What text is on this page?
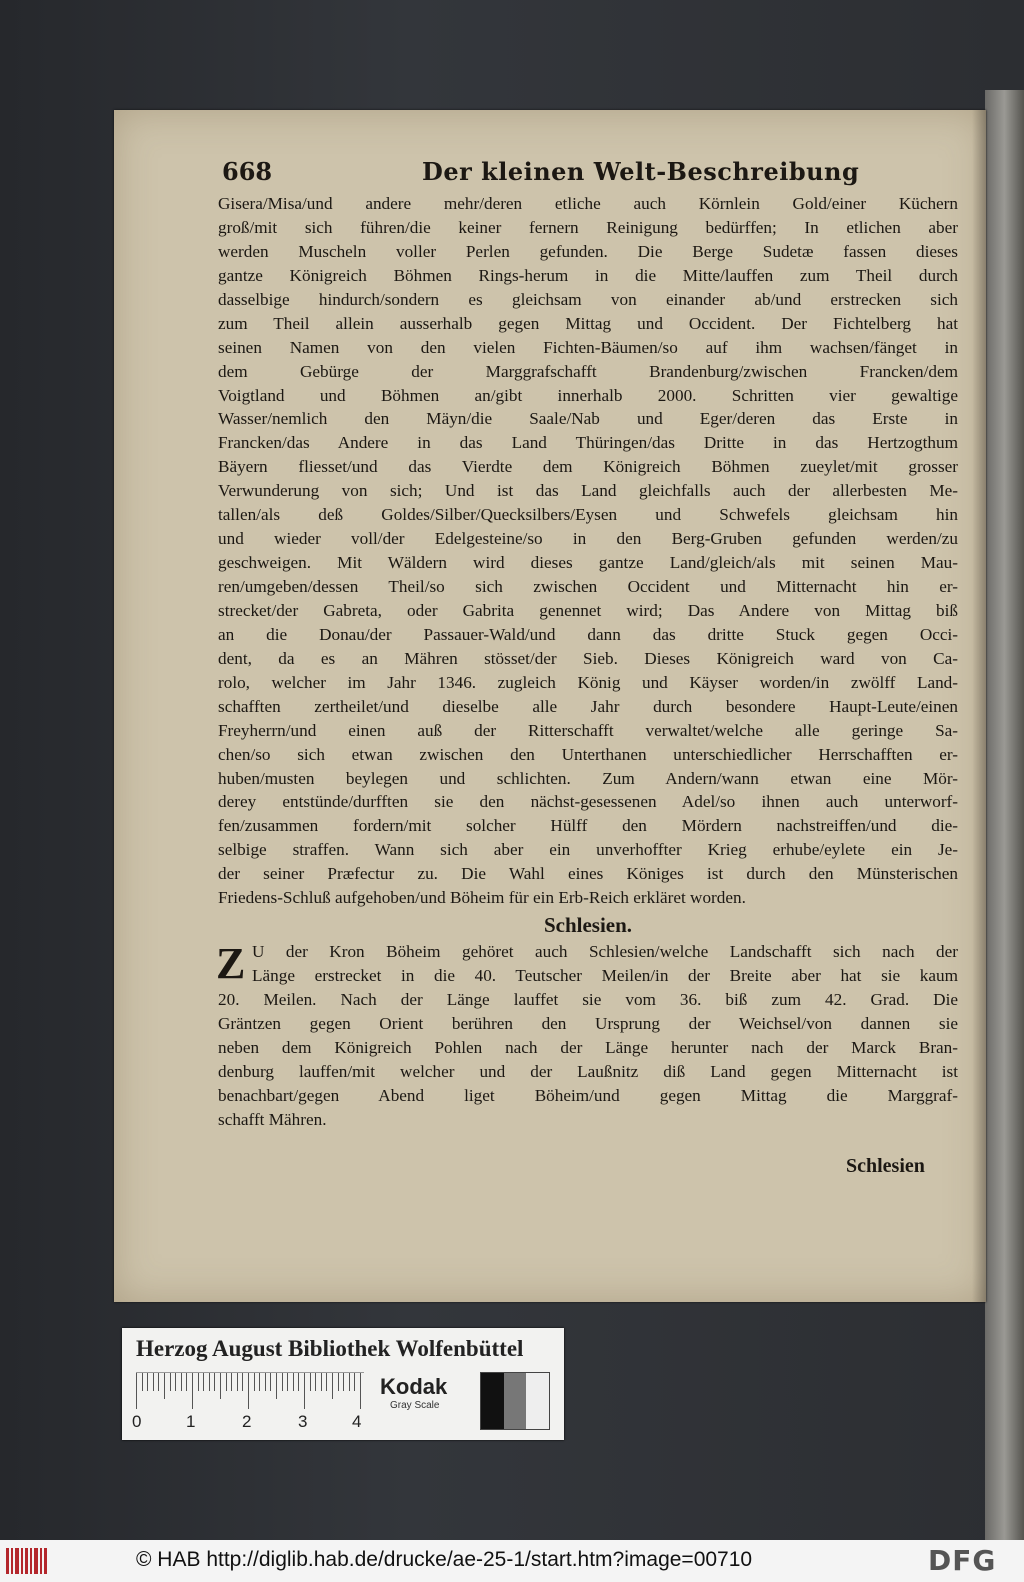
668	Der kleinen Welt-Beschreibung
Gisera/Misa/und andere mehr/deren etliche auch Körnlein Gold/einer Küchern
groß/mit sich führen/die keiner fernern Reinigung bedürffen; In etlichen aber
werden Muscheln voller Perlen gefunden. Die Berge Sudetæ fassen dieses
gantze Königreich Böhmen Rings-herum in die Mitte/lauffen zum Theil durch
dasselbige hindurch/sondern es gleichsam von einander ab/und erstrecken sich
zum Theil allein ausserhalb gegen Mittag und Occident. Der Fichtelberg hat
seinen Namen von den vielen Fichten-Bäumen/so auf ihm wachsen/fänget in
dem Gebürge der Marggrafschafft Brandenburg/zwischen Francken/dem
Voigtland und Böhmen an/gibt innerhalb 2000. Schritten vier gewaltige
Wasser/nemlich den Mäyn/die Saale/Nab und Eger/deren das Erste in
Francken/das Andere in das Land Thüringen/das Dritte in das Hertzogthum
Bäyern fliesset/und das Vierdte dem Königreich Böhmen zueylet/mit grosser
Verwunderung von sich; Und ist das Land gleichfalls auch der allerbesten Me-
tallen/als deß Goldes/Silber/Quecksilbers/Eysen und Schwefels gleichsam hin
und wieder voll/der Edelgesteine/so in den Berg-Gruben gefunden werden/zu
geschweigen. Mit Wäldern wird dieses gantze Land/gleich/als mit seinen Mau-
ren/umgeben/dessen Theil/so sich zwischen Occident und Mitternacht hin er-
strecket/der Gabreta, oder Gabrita genennet wird; Das Andere von Mittag biß
an die Donau/der Passauer-Wald/und dann das dritte Stuck gegen Occi-
dent, da es an Mähren stösset/der Sieb. Dieses Königreich ward von Ca-
rolo, welcher im Jahr 1346. zugleich König und Käyser worden/in zwölff Land-
schafften zertheilet/und dieselbe alle Jahr durch besondere Haupt-Leute/einen
Freyherrn/und einen auß der Ritterschafft verwaltet/welche alle geringe Sa-
chen/so sich etwan zwischen den Unterthanen unterschiedlicher Herrschafften er-
huben/musten beylegen und schlichten. Zum Andern/wann etwan eine Mör-
derey entstünde/durfften sie den nächst-gesessenen Adel/so ihnen auch unterworf-
fen/zusammen fordern/mit solcher Hülff den Mördern nachstreiffen/und die-
selbige straffen. Wann sich aber ein unverhoffter Krieg erhube/eylete ein Je-
der seiner Præfectur zu. Die Wahl eines Königes ist durch den Münsterischen
Friedens-Schluß aufgehoben/und Böheim für ein Erb-Reich erkläret worden.
Schlesien.
Z U der Kron Böheim gehöret auch Schlesien/welche Landschafft sich nach der
Länge erstrecket in die 40. Teutscher Meilen/in der Breite aber hat sie kaum
20. Meilen. Nach der Länge lauffet sie vom 36. biß zum 42. Grad. Die
Gräntzen gegen Orient berühren den Ursprung der Weichsel/von dannen sie
neben dem Königreich Pohlen nach der Länge herunter nach der Marck Bran-
denburg lauffen/mit welcher und der Laußnitz diß Land gegen Mitternacht ist
benachbart/gegen Abend liget Böheim/und gegen Mittag die Marggraf-
schafft Mähren.
Schlesien
Herzog August Bibliothek Wolfenbüttel
0	1	2	3	4
Kodak
Gray Scale
© HAB http://diglib.hab.de/drucke/ae-25-1/start.htm?image=00710	DFG
